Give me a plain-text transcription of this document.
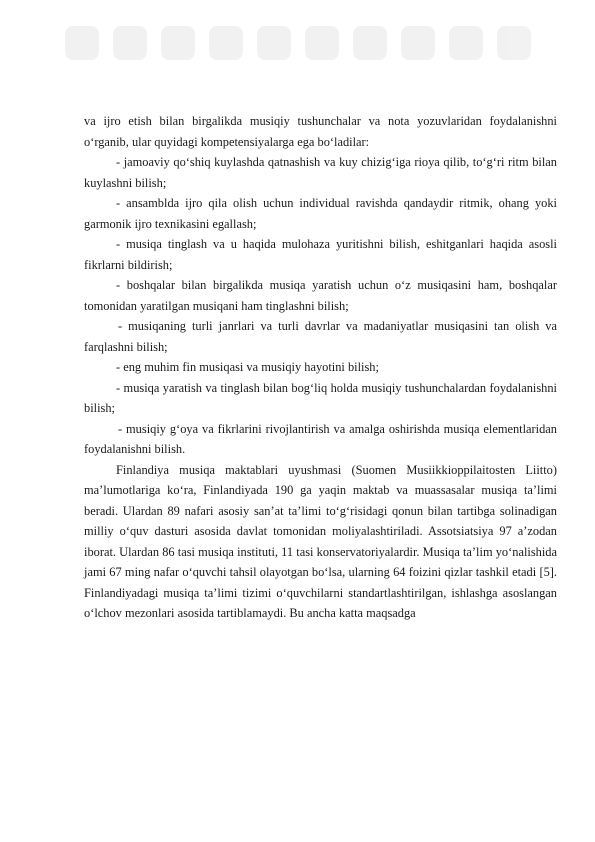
va ijro etish bilan birgalikda musiqiy tushunchalar va nota yozuvlaridan foydalanishni o‘rganib, ular quyidagi kompetensiyalarga ega bo‘ladilar:

- jamoaviy qo‘shiq kuylashda qatnashish va kuy chizig‘iga rioya qilib, to‘g‘ri ritm bilan kuylashni bilish;

- ansamblda ijro qila olish uchun individual ravishda qandaydir ritmik, ohang yoki garmonik ijro texnikasini egallash;

- musiqa tinglash va u haqida mulohaza yuritishni bilish, eshitganlari haqida asosli fikrlarni bildirish;

- boshqalar bilan birgalikda musiqa yaratish uchun o‘z musiqasini ham, boshqalar tomonidan yaratilgan musiqani ham tinglashni bilish;

- musiqaning turli janrlari va turli davrlar va madaniyatlar musiqasini tan olish va farqlashni bilish;

- eng muhim fin musiqasi va musiqiy hayotini bilish;

- musiqa yaratish va tinglash bilan bog‘liq holda musiqiy tushunchalardan foydalanishni bilish;

- musiqiy g‘oya va fikrlarini rivojlantirish va amalga oshirishda musiqa elementlaridan foydalanishni bilish.

Finlandiya musiqa maktablari uyushmasi (Suomen Musiikkioppilaitosten Liitto) ma’lumotlariga ko‘ra, Finlandiyada 190 ga yaqin maktab va muassasalar musiqa ta’limi beradi. Ulardan 89 nafari asosiy san’at ta’limi to‘g‘risidagi qonun bilan tartibga solinadigan milliy o‘quv dasturi asosida davlat tomonidan moliyalashtiriladi. Assotsiatsiya 97 a’zodan iborat. Ulardan 86 tasi musiqa instituti, 11 tasi konservatoriyalardir. Musiqa ta’lim yo‘nalishida jami 67 ming nafar o‘quvchi tahsil olayotgan bo‘lsa, ularning 64 foizini qizlar tashkil etadi [5]. Finlandiyadagi musiqa ta’limi tizimi o‘quvchilarni standartlashtirilgan, ishlashga asoslangan o‘lchov mezonlari asosida tartiblamaydi. Bu ancha katta maqsadga
